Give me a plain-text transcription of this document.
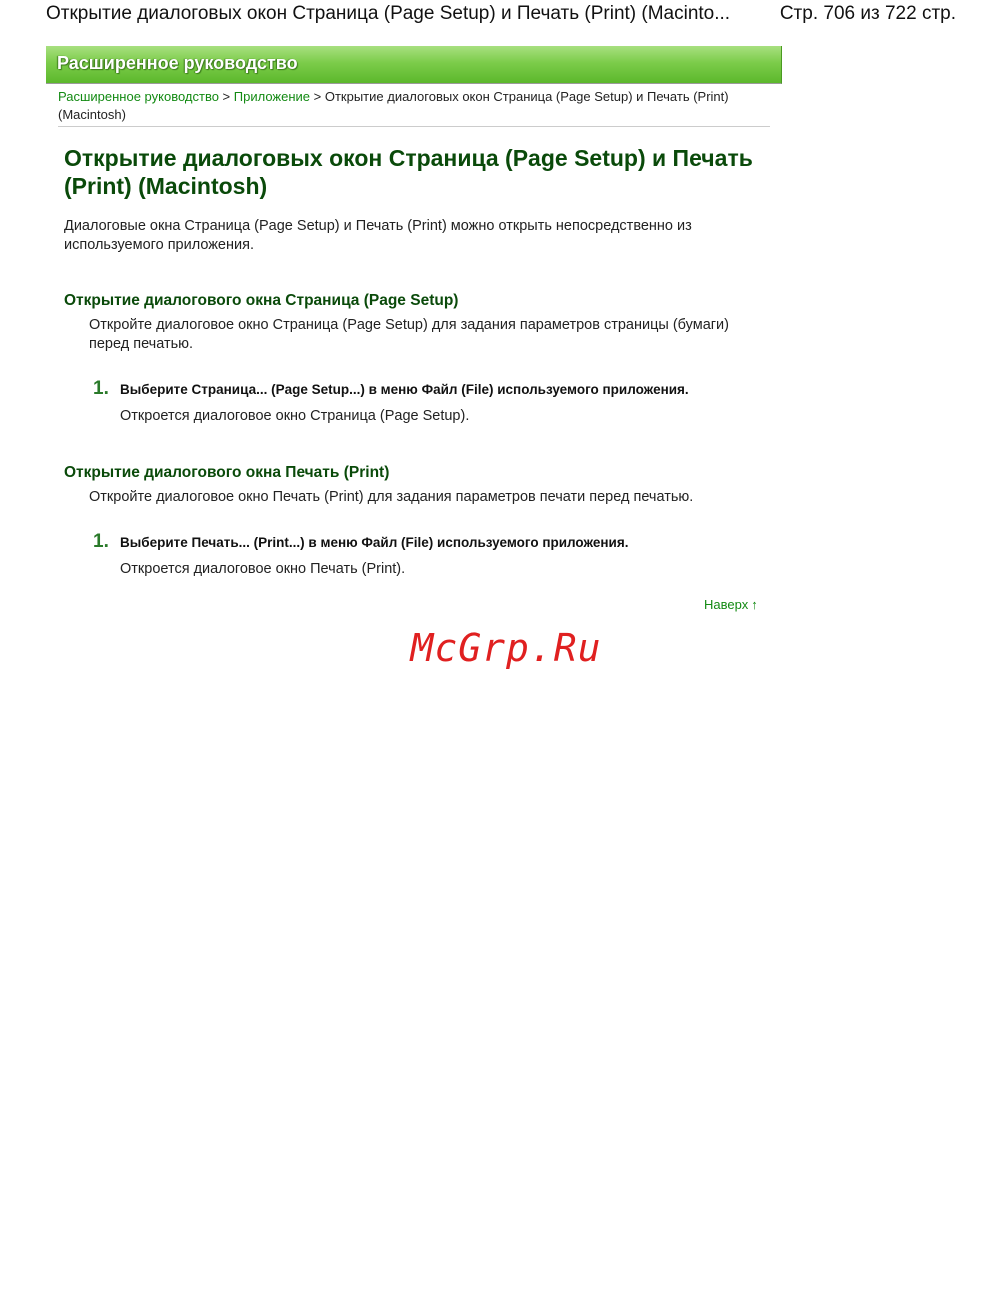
Открытие диалоговых окон Страница (Page Setup) и Печать (Print) (Macinto...	Стр. 706 из 722 стр.
Расширенное руководство
Расширенное руководство > Приложение > Открытие диалоговых окон Страница (Page Setup) и Печать (Print) (Macintosh)
Открытие диалоговых окон Страница (Page Setup) и Печать (Print) (Macintosh)

Диалоговые окна Страница (Page Setup) и Печать (Print) можно открыть непосредственно из используемого приложения.

Открытие диалогового окна Страница (Page Setup)

Откройте диалоговое окно Страница (Page Setup) для задания параметров страницы (бумаги) перед печатью.

1. Выберите Страница... (Page Setup...) в меню Файл (File) используемого приложения.
Откроется диалоговое окно Страница (Page Setup).
Открытие диалогового окна Печать (Print)

Откройте диалоговое окно Печать (Print) для задания параметров печати перед печатью.

1. Выберите Печать... (Print...) в меню Файл (File) используемого приложения.
Откроется диалоговое окно Печать (Print).
Наверх ↑
McGrp.Ru
